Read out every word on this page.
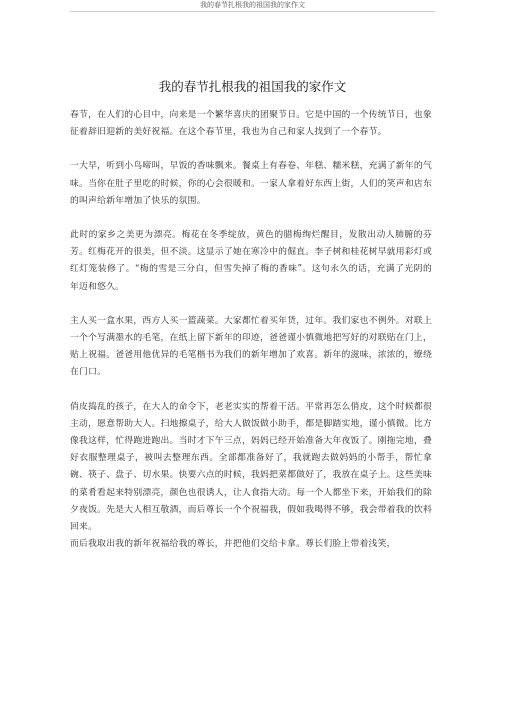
我的春节扎根我的祖国我的家作文
我的春节扎根我的祖国我的家作文

春节，在人们的心目中，向来是一个繁华喜庆的团聚节日。它是中国的一个传统节日，也象征着辞旧迎新的美好祝福。在这个春节里，我也为自己和家人找到了一个春节。

一大早，听到小鸟啼叫，早饭的香味飘来。餐桌上有春卷、年糕、糯米糕，充满了新年的气味。当你在肚子里吃的时候，你的心会很暖和。一家人拿着好东西上街，人们的笑声和店东的叫声给新年增加了快乐的氛围。

此时的家乡之美更为漂亮。梅花在冬季绽放，黄色的腊梅绚烂醒目，发散出动人肺腑的芬芳。红梅花开的很美，但不淡。这显示了她在寒冷中的倔直。李子树和桂花树早就用彩灯或红灯笼装修了。“梅的雪是三分白，但雪失掉了梅的香味”。这句永久的话，充满了光阴的年迈和悠久。

主人买一盒水果，西方人买一篮蔬菜。大家都忙着买年货，过年。我们家也不例外。对联上一个个写满墨水的毛笔，在纸上留下新年的印迹，爸爸谨小慎微地把写好的对联贴在门上，贴上祝福。爸爸用他优异的毛笔楷书为我们的新年增加了欢喜。新年的滋味，浓浓的，缭绕在门口。

俏皮捣乱的孩子，在大人的命令下，老老实实的帮着干活。平常再怎么俏皮，这个时候都很主动，愿意帮助大人。扫地擦桌子，给大人做饭做小助手，都是脚踏实地，谨小慎微。比方像我这样，忙得跑进跑出。当时才下午三点，妈妈已经开始准备大年夜饭了。刚拖完地，叠好衣服整理桌子，被叫去整理东西。全部都准备好了，我就跑去做妈妈的小帮手，帮忙拿碗、筷子、盘子、切水果。快要六点的时候，我妈把菜都做好了，我放在桌子上。这些美味的菜肴看起来特别漂亮，颜色也很诱人，让人食指大动。每一个人都坐下来，开始我们的除夕夜饭。先是大人相互敬酒，而后尊长一个个祝福我，假如我喝得不够，我会带着我的饮料回来。

而后我取出我的新年祝福给我的尊长，并把他们交给卡拿。尊长们脸上带着浅笑，
